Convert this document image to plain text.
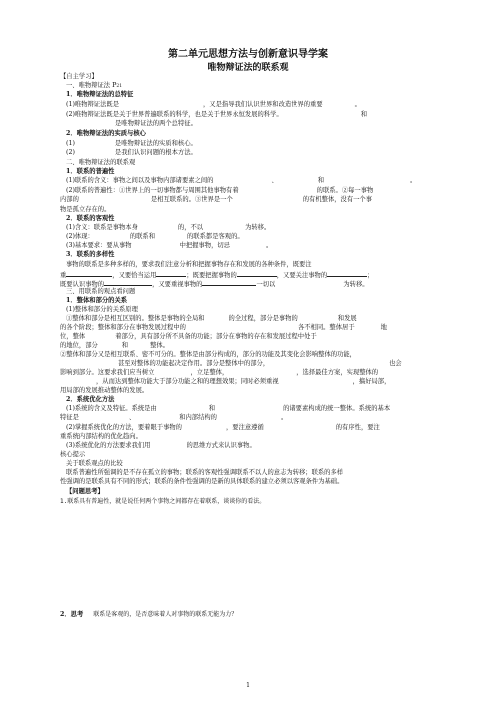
第二单元思想方法与创新意识导学案
唯物辩证法的联系观
【自主学习】
一、唯物辩证法 P21
1．唯物辩证法的总特征
(1)唯物辩证法既是	，又是指导我们认识世界和改造世界的重要	。
(2)唯物辩证法既是关于世界普遍联系的科学，也是关于世界永恒发展的科学。	和
是唯物辩证法的两个总特征。
2．唯物辩证法的实质与核心
(1)	是唯物辩证法的实质和核心。
(2)	是我们认识问题的根本方法。
二、唯物辩证法的联系观
1．联系的普遍性
(1)联系的含义：事物之间以及事物内部诸要素之间的	、	和	。
(2)联系的普遍性：①世界上的一切事物都与周围其他事物有着	的联系。②每一事物
内部的	是相互联系的。③世界是一个	的有机整体，没有一个事
物是孤立存在的。
2．联系的客观性
(1)含义：联系是事物本身	的，不以	为转移。
(2)体现：	的联系和	的联系都是客观的。
(3)基本要求：要从事物	中把握事物，切忌	。
3．联系的多样性
事物的联系是多种多样的，要求我们注意分析和把握事物存在和发展的各种条件，既要注
重	，又要恰当运用	；既要把握事物的	，又要关注事物的	；
既要认识事物的	，又要重视事物的	一切以	为转移。
三、用联系的观点看问题
1．整体和部分的关系
(1)整体和部分的关系原理
①整体和部分是相互区别的。整体是事物的全局和	的全过程，部分是事物的	和发展
的各个阶段；整体和部分在事物发展过程中的	各不相同。整体居于	地
位，整体	着部分，具有部分所不具备的功能；部分在事物的存在和发展过程中处于
的地位，部分	和	整体。
②整体和部分又是相互联系、密不可分的。整体是由部分构成的，部分的功能及其变化会影响整体的功能，
甚至对整体的功能起决定作用。部分是整体中的部分，	也会
影响到部分。这要求我们应当树立	，立足整体，	，选择最佳方案，实现整体的
，从而达到整体功能大于部分功能之和的理想效果；同时必须重视	，搞好局部，
用局部的发展推动整体的发展。
2．系统优化方法
(1)系统的含义及特征。系统是由	和	的诸要素构成的统一整体。系统的基本
特征是	、	和内部结构的	。
(2)掌握系统优化的方法，要着眼于事物的	，要注意遵循	的有序性，要注
重系统内部结构的优化趋向。
(3)系统优化的方法要求我们用	的思维方式来认识事物。
核心提示
关于联系观点的比较
联系普遍性所强调的是不存在孤立的事物；联系的客观性强调联系不以人的意志为转移；联系的多样
性强调的是联系具有不同的形式；联系的条件性强调的是新的具体联系的建立必须以客观条件为基础。
【问题思考】
1.联系具有普遍性，就是说任何两个事物之间都存在着联系，谈谈你的看法。
2．思考 联系是客观的，是否意味着人对事物的联系无能为力？
1
